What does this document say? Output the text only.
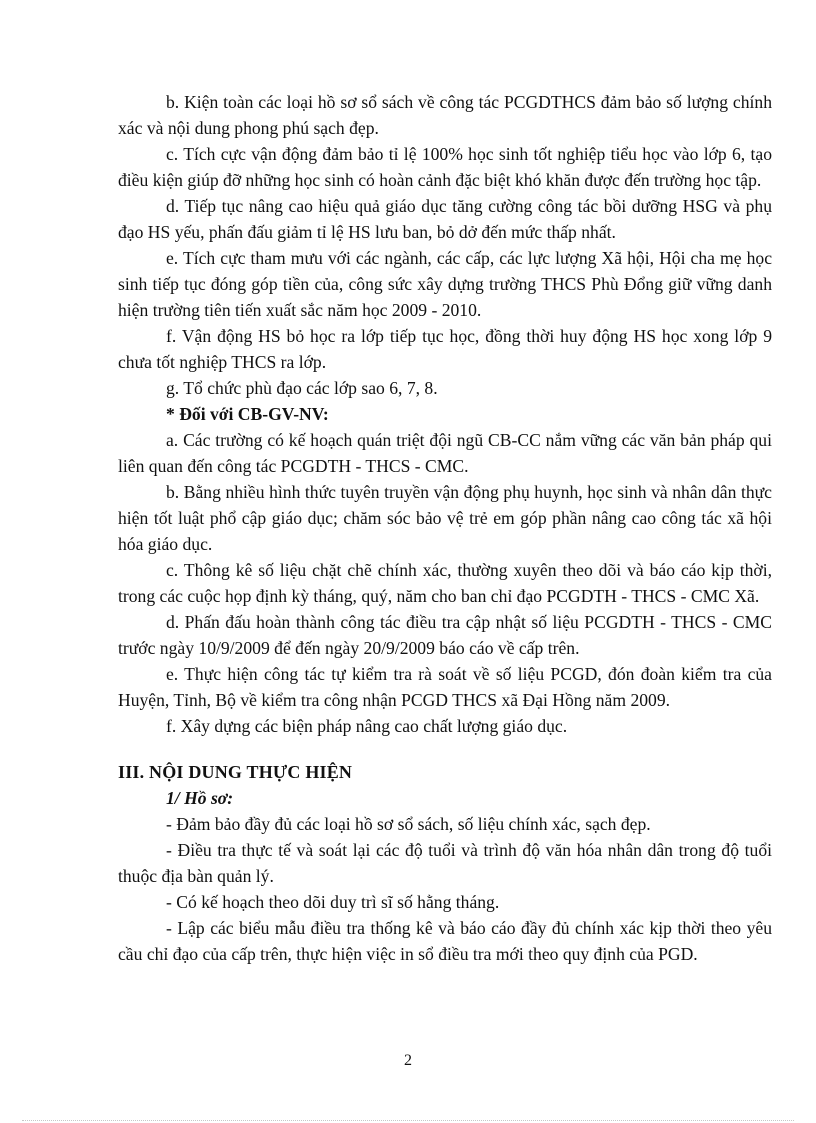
b. Kiện toàn các loại hồ sơ sổ sách về công tác PCGDTHCS đảm bảo số lượng chính xác và nội dung phong phú sạch đẹp.

c. Tích cực vận động đảm bảo tỉ lệ 100% học sinh tốt nghiệp tiểu học vào lớp 6, tạo điều kiện giúp đỡ những học sinh có hoàn cảnh đặc biệt khó khăn được đến trường học tập.

d. Tiếp tục nâng cao hiệu quả giáo dục tăng cường công tác bồi dưỡng HSG và phụ đạo HS yếu, phấn đấu giảm tỉ lệ HS lưu ban, bỏ dở đến mức thấp nhất.

e. Tích cực tham mưu với các ngành, các cấp, các lực lượng Xã hội, Hội cha mẹ học sinh tiếp tục đóng góp tiền của, công sức xây dựng trường THCS Phù Đổng giữ vững danh hiện trường tiên tiến xuất sắc năm học 2009 - 2010.

f. Vận động HS bỏ học ra lớp tiếp tục học, đồng thời huy động HS học xong lớp 9 chưa tốt nghiệp THCS ra lớp.

g. Tổ chức phù đạo các lớp sao 6, 7, 8.

* Đối với CB-GV-NV:

a. Các trường có kế hoạch quán triệt đội ngũ CB-CC nắm vững các văn bản pháp qui liên quan đến công tác PCGDTH - THCS - CMC.

b. Bằng nhiều hình thức tuyên truyền vận động phụ huynh, học sinh và nhân dân thực hiện tốt luật phổ cập giáo dục; chăm sóc bảo vệ trẻ em góp phần nâng cao công tác xã hội hóa giáo dục.

c. Thông kê số liệu chặt chẽ chính xác, thường xuyên theo dõi và báo cáo kịp thời, trong các cuộc họp định kỳ tháng, quý, năm cho ban chỉ đạo PCGDTH - THCS - CMC Xã.

d. Phấn đấu hoàn thành công tác điều tra cập nhật số liệu PCGDTH - THCS - CMC trước ngày 10/9/2009 để đến ngày 20/9/2009 báo cáo về cấp trên.

e. Thực hiện công tác tự kiểm tra rà soát về số liệu PCGD, đón đoàn kiểm tra của Huyện, Tỉnh, Bộ về kiểm tra công nhận PCGD THCS xã Đại Hồng năm 2009.

f. Xây dựng các biện pháp nâng cao chất lượng giáo dục.

III. NỘI DUNG THỰC HIỆN

1/ Hồ sơ:

- Đảm bảo đầy đủ các loại hồ sơ sổ sách, số liệu chính xác, sạch đẹp.

- Điều tra thực tế và soát lại các độ tuổi và trình độ văn hóa nhân dân trong độ tuổi thuộc địa bàn quản lý.

- Có kế hoạch theo dõi duy trì sĩ số hằng tháng.

- Lập các biểu mẫu điều tra thống kê và báo cáo đầy đủ chính xác kịp thời theo yêu cầu chỉ đạo của cấp trên, thực hiện việc in sổ điều tra mới theo quy định của PGD.

2
